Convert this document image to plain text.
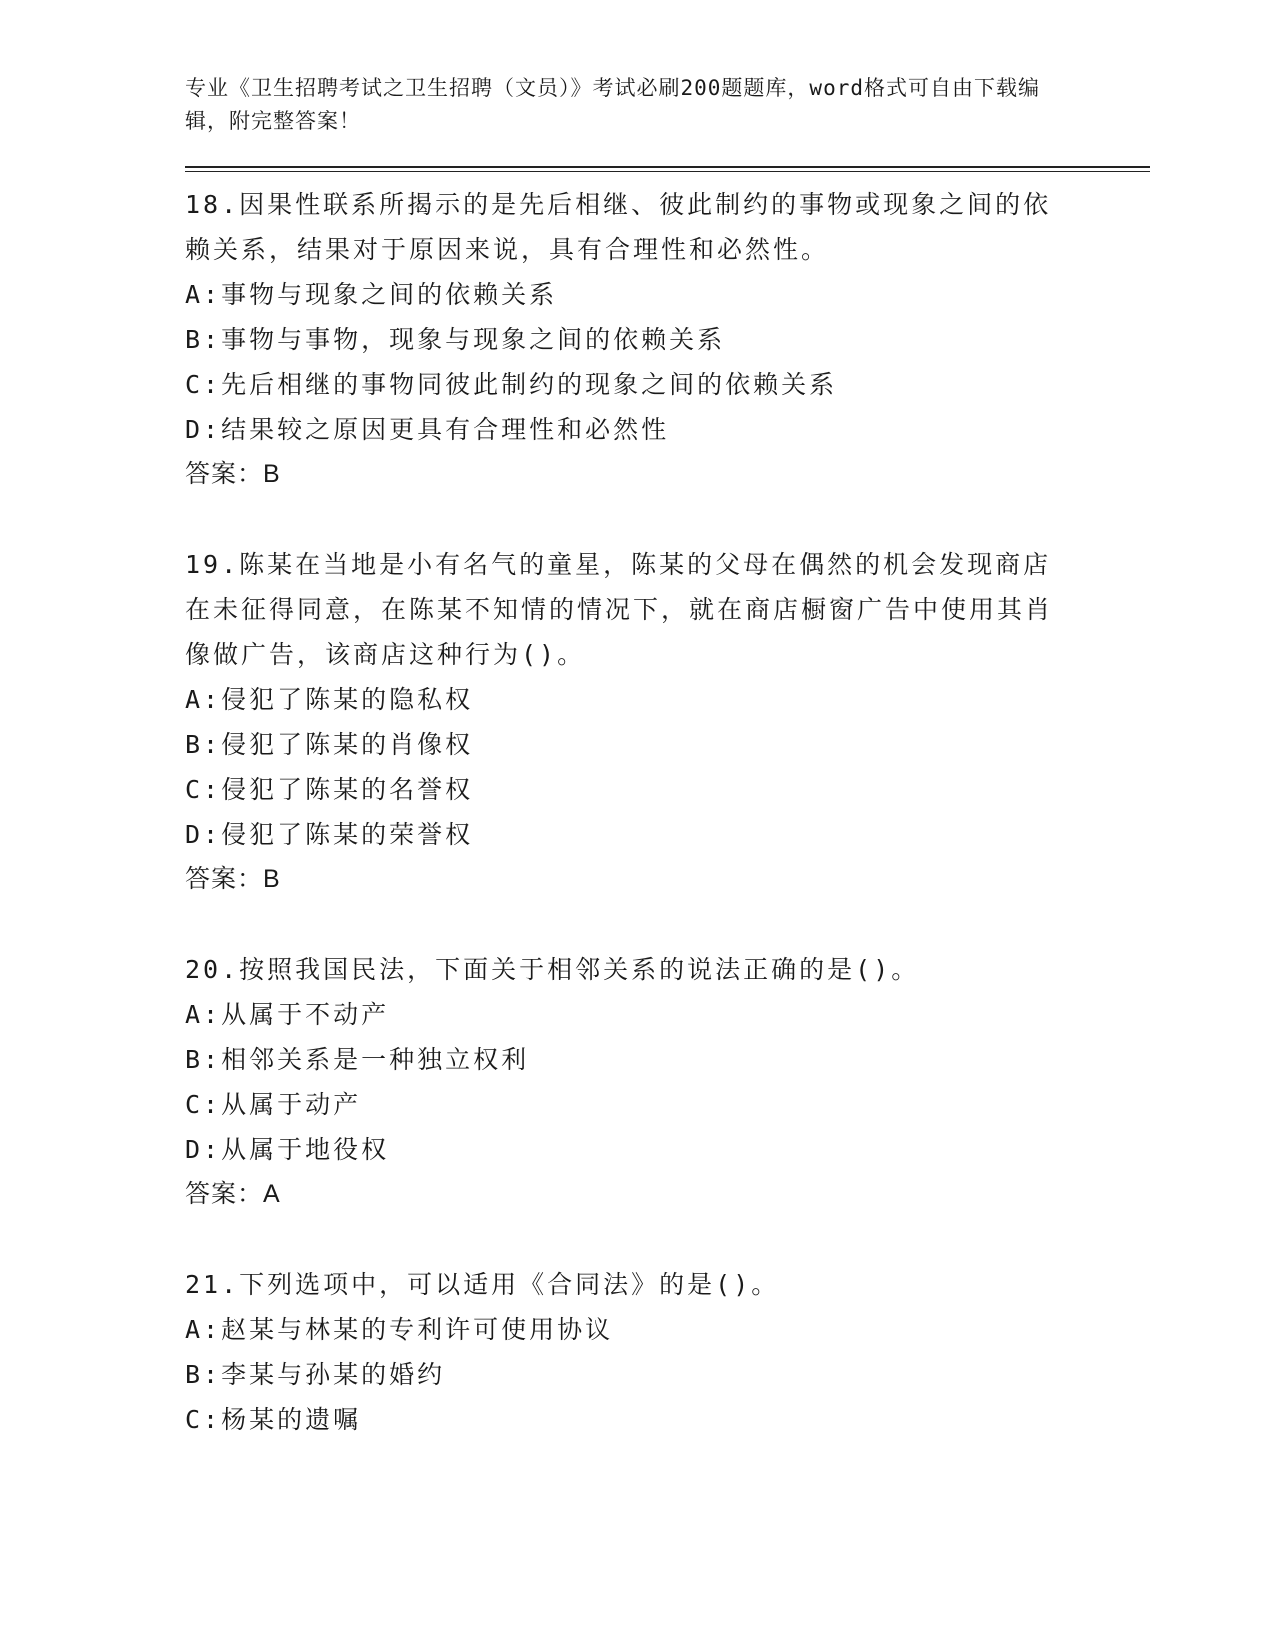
专业《卫生招聘考试之卫生招聘（文员）》考试必刷200题题库，word格式可自由下载编辑，附完整答案！
18.因果性联系所揭示的是先后相继、彼此制约的事物或现象之间的依赖关系，结果对于原因来说，具有合理性和必然性。
A: 事物与现象之间的依赖关系
B: 事物与事物，现象与现象之间的依赖关系
C: 先后相继的事物同彼此制约的现象之间的依赖关系
D: 结果较之原因更具有合理性和必然性
答案：B
19.陈某在当地是小有名气的童星，陈某的父母在偶然的机会发现商店在未征得同意，在陈某不知情的情况下，就在商店橱窗广告中使用其肖像做广告，该商店这种行为()。
A: 侵犯了陈某的隐私权
B: 侵犯了陈某的肖像权
C: 侵犯了陈某的名誉权
D: 侵犯了陈某的荣誉权
答案：B
20.按照我国民法，下面关于相邻关系的说法正确的是()。
A: 从属于不动产
B: 相邻关系是一种独立权利
C: 从属于动产
D: 从属于地役权
答案：A
21.下列选项中，可以适用《合同法》的是()。
A: 赵某与林某的专利许可使用协议
B: 李某与孙某的婚约
C: 杨某的遗嘱
